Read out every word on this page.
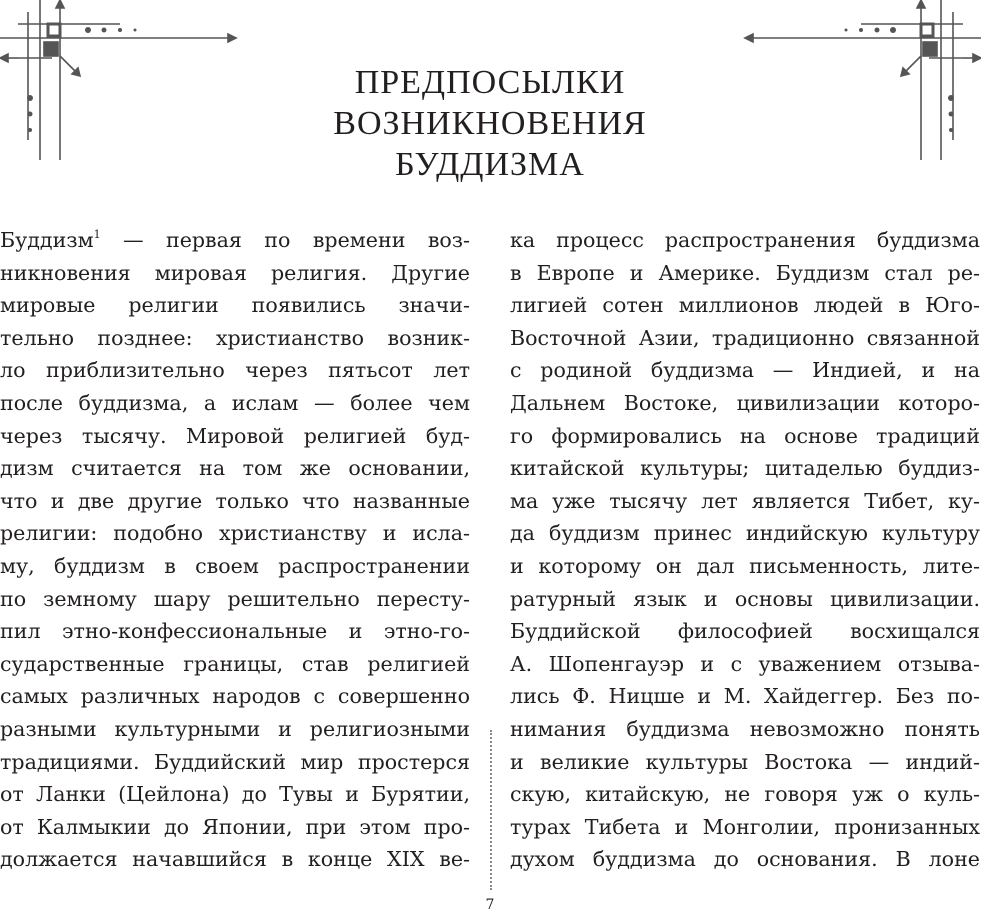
ПРЕДПОСЫЛКИ
ВОЗНИКНОВЕНИЯ
БУДДИЗМА
Буддизм$^1$ — первая по времени воз-
никновения мировая религия. Другие
мировые религии появились значи-
тельно позднее: христианство возник-
ло приблизительно через пятьсот лет
после буддизма, а ислам — более чем
через тысячу. Мировой религией буд-
дизм считается на том же основании,
что и две другие только что названные
религии: подобно христианству и исла-
му, буддизм в своем распространении
по земному шару решительно пересту-
пил этно-конфессиональные и этно-го-
сударственные границы, став религией
самых различных народов с совершенно
разными культурными и религиозными
традициями. Буддийский мир простерся
от Ланки (Цейлона) до Тувы и Бурятии,
от Калмыкии до Японии, при этом про-
должается начавшийся в конце XIX ве-
ка процесс распространения буддизма
в Европе и Америке. Буддизм стал ре-
лигией сотен миллионов людей в Юго-
Восточной Азии, традиционно связанной
с родиной буддизма — Индией, и на
Дальнем Востоке, цивилизации которо-
го формировались на основе традиций
китайской культуры; цитаделью буддиз-
ма уже тысячу лет является Тибет, ку-
да буддизм принес индийскую культуру
и которому он дал письменность, лите-
ратурный язык и основы цивилизации.
Буддийской философией восхищался
А. Шопенгауэр и с уважением отзыва-
лись Ф. Ницше и М. Хайдеггер. Без по-
нимания буддизма невозможно понять
и великие культуры Востока — индий-
скую, китайскую, не говоря уж о куль-
турах Тибета и Монголии, пронизанных
духом буддизма до основания. В лоне
7
